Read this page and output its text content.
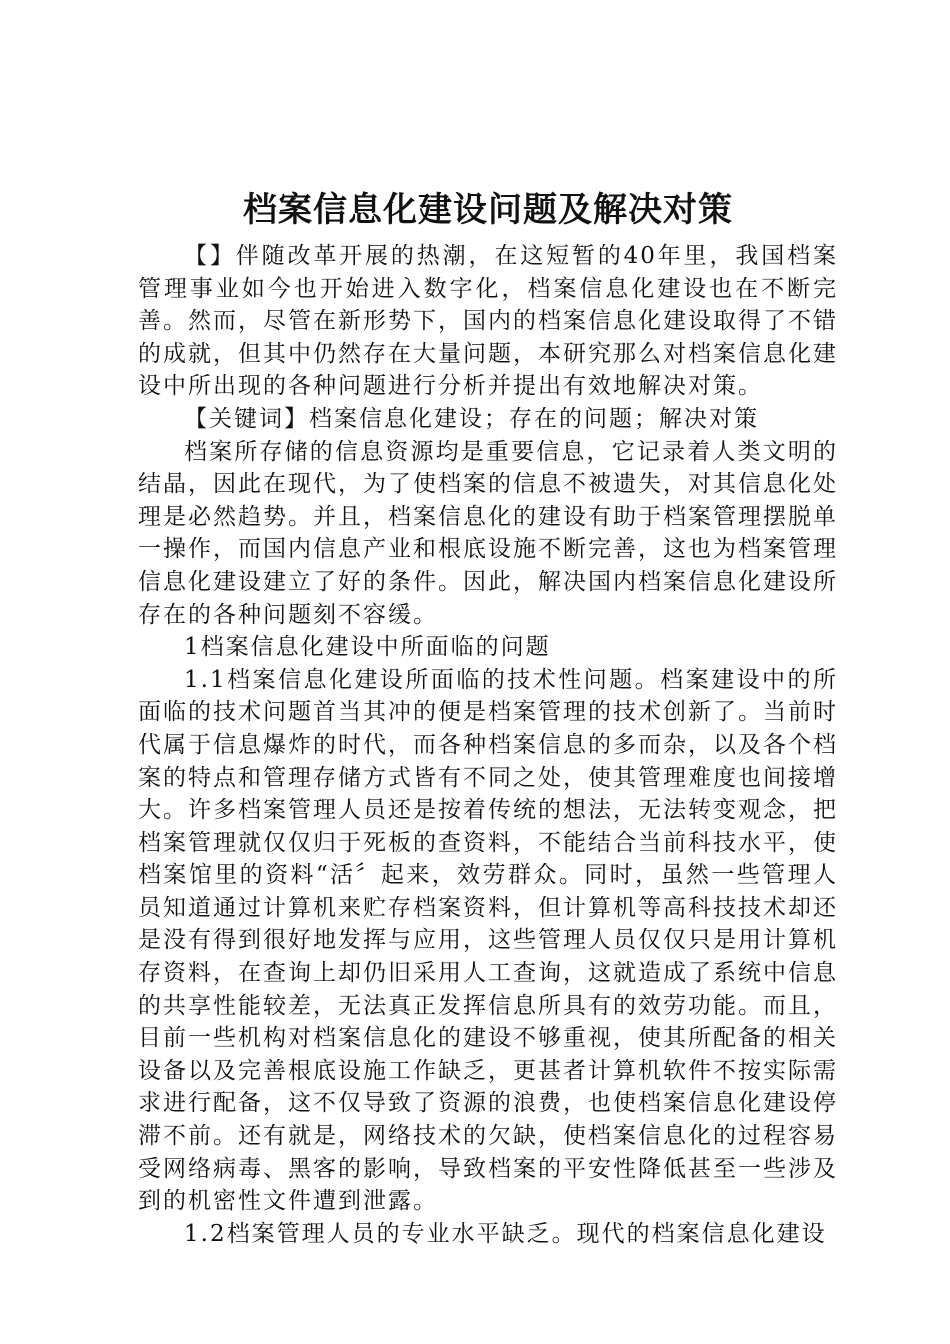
档案信息化建设问题及解决对策

【】伴随改革开展的热潮，在这短暂的40年里，我国档案管理事业如今也开始进入数字化，档案信息化建设也在不断完善。然而，尽管在新形势下，国内的档案信息化建设取得了不错的成就，但其中仍然存在大量问题，本研究那么对档案信息化建设中所出现的各种问题进行分析并提出有效地解决对策。

【关键词】档案信息化建设；存在的问题；解决对策

档案所存储的信息资源均是重要信息，它记录着人类文明的结晶，因此在现代，为了使档案的信息不被遗失，对其信息化处理是必然趋势。并且，档案信息化的建设有助于档案管理摆脱单一操作，而国内信息产业和根底设施不断完善，这也为档案管理信息化建设建立了好的条件。因此，解决国内档案信息化建设所存在的各种问题刻不容缓。

1档案信息化建设中所面临的问题

1.1档案信息化建设所面临的技术性问题。档案建设中的所面临的技术问题首当其冲的便是档案管理的技术创新了。当前时代属于信息爆炸的时代，而各种档案信息的多而杂，以及各个档案的特点和管理存储方式皆有不同之处，使其管理难度也间接增大。许多档案管理人员还是按着传统的想法，无法转变观念，把档案管理就仅仅归于死板的查资料，不能结合当前科技水平，使档案馆里的资料“活〞起来，效劳群众。同时，虽然一些管理人员知道通过计算机来贮存档案资料，但计算机等高科技技术却还是没有得到很好地发挥与应用，这些管理人员仅仅只是用计算机存资料，在查询上却仍旧采用人工查询，这就造成了系统中信息的共享性能较差，无法真正发挥信息所具有的效劳功能。而且，目前一些机构对档案信息化的建设不够重视，使其所配备的相关设备以及完善根底设施工作缺乏，更甚者计算机软件不按实际需求进行配备，这不仅导致了资源的浪费，也使档案信息化建设停滞不前。还有就是，网络技术的欠缺，使档案信息化的过程容易受网络病毒、黑客的影响，导致档案的平安性降低甚至一些涉及到的机密性文件遭到泄露。

1.2档案管理人员的专业水平缺乏。现代的档案信息化建设
